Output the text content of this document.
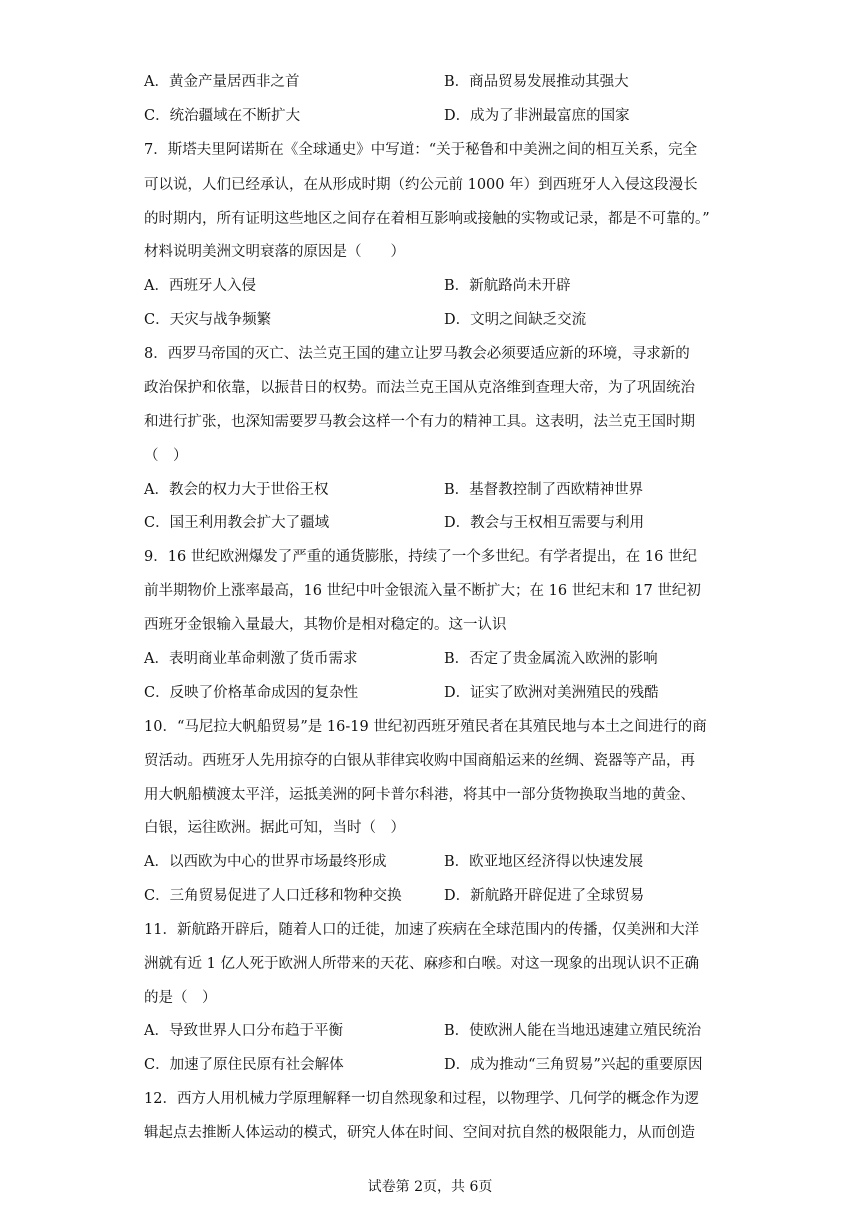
A．黄金产量居西非之首	B．商品贸易发展推动其强大
C．统治疆域在不断扩大	D．成为了非洲最富庶的国家
7．斯塔夫里阿诺斯在《全球通史》中写道：“关于秘鲁和中美洲之间的相互关系，完全
可以说，人们已经承认，在从形成时期（约公元前 1000 年）到西班牙人入侵这段漫长
的时期内，所有证明这些地区之间存在着相互影响或接触的实物或记录，都是不可靠的。”
材料说明美洲文明衰落的原因是（　　）
A．西班牙人入侵	B．新航路尚未开辟
C．天灾与战争频繁	D．文明之间缺乏交流
8．西罗马帝国的灭亡、法兰克王国的建立让罗马教会必须要适应新的环境，寻求新的
政治保护和依靠，以振昔日的权势。而法兰克王国从克洛维到查理大帝，为了巩固统治
和进行扩张，也深知需要罗马教会这样一个有力的精神工具。这表明，法兰克王国时期
（　）
A．教会的权力大于世俗王权	B．基督教控制了西欧精神世界
C．国王利用教会扩大了疆域	D．教会与王权相互需要与利用
9．16 世纪欧洲爆发了严重的通货膨胀，持续了一个多世纪。有学者提出，在 16 世纪
前半期物价上涨率最高，16 世纪中叶金银流入量不断扩大；在 16 世纪末和 17 世纪初
西班牙金银输入量最大，其物价是相对稳定的。这一认识
A．表明商业革命刺激了货币需求	B．否定了贵金属流入欧洲的影响
C．反映了价格革命成因的复杂性	D．证实了欧洲对美洲殖民的残酷
10．“马尼拉大帆船贸易”是 16-19 世纪初西班牙殖民者在其殖民地与本土之间进行的商
贸活动。西班牙人先用掠夺的白银从菲律宾收购中国商船运来的丝绸、瓷器等产品，再
用大帆船横渡太平洋，运抵美洲的阿卡普尔科港，将其中一部分货物换取当地的黄金、
白银，运往欧洲。据此可知，当时（　）
A．以西欧为中心的世界市场最终形成	B．欧亚地区经济得以快速发展
C．三角贸易促进了人口迁移和物种交换	D．新航路开辟促进了全球贸易
11．新航路开辟后，随着人口的迁徙，加速了疾病在全球范围内的传播，仅美洲和大洋
洲就有近 1 亿人死于欧洲人所带来的天花、麻疹和白喉。对这一现象的出现认识不正确
的是（　）
A．导致世界人口分布趋于平衡	B．使欧洲人能在当地迅速建立殖民统治
C．加速了原住民原有社会解体	D．成为推动“三角贸易”兴起的重要原因
12．西方人用机械力学原理解释一切自然现象和过程，以物理学、几何学的概念作为逻
辑起点去推断人体运动的模式，研究人体在时间、空间对抗自然的极限能力，从而创造
试卷第 2页，共 6页
